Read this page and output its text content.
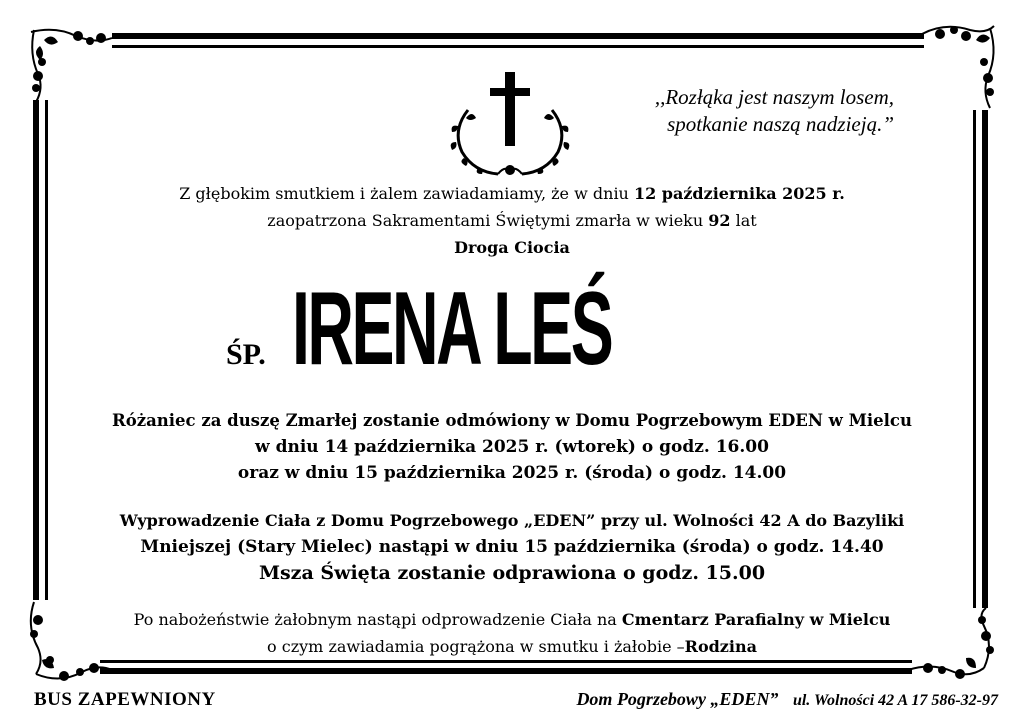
,,Rozłąka jest naszym losem,
spotkanie naszą nadzieją.”
Z głębokim smutkiem i żalem zawiadamiamy, że w dniu 12 października 2025 r.
zaopatrzona Sakramentami Świętymi zmarła w wieku 92 lat
Droga Ciocia
ŚP. IRENA LEŚ
Różaniec za duszę Zmarłej zostanie odmówiony w Domu Pogrzebowym EDEN w Mielcu
w dniu 14 października 2025 r. (wtorek) o godz. 16.00
oraz w dniu 15 października 2025 r. (środa) o godz. 14.00
Wyprowadzenie Ciała z Domu Pogrzebowego „EDEN” przy ul. Wolności 42 A do Bazyliki
Mniejszej (Stary Mielec) nastąpi w dniu 15 października (środa) o godz. 14.40
Msza Święta zostanie odprawiona o godz. 15.00
Po nabożeństwie żałobnym nastąpi odprowadzenie Ciała na Cmentarz Parafialny w Mielcu
o czym zawiadamia pogrążona w smutku i żałobie –Rodzina
BUS ZAPEWNIONY	Dom Pogrzebowy „EDEN” ul. Wolności 42 A 17 586-32-97
